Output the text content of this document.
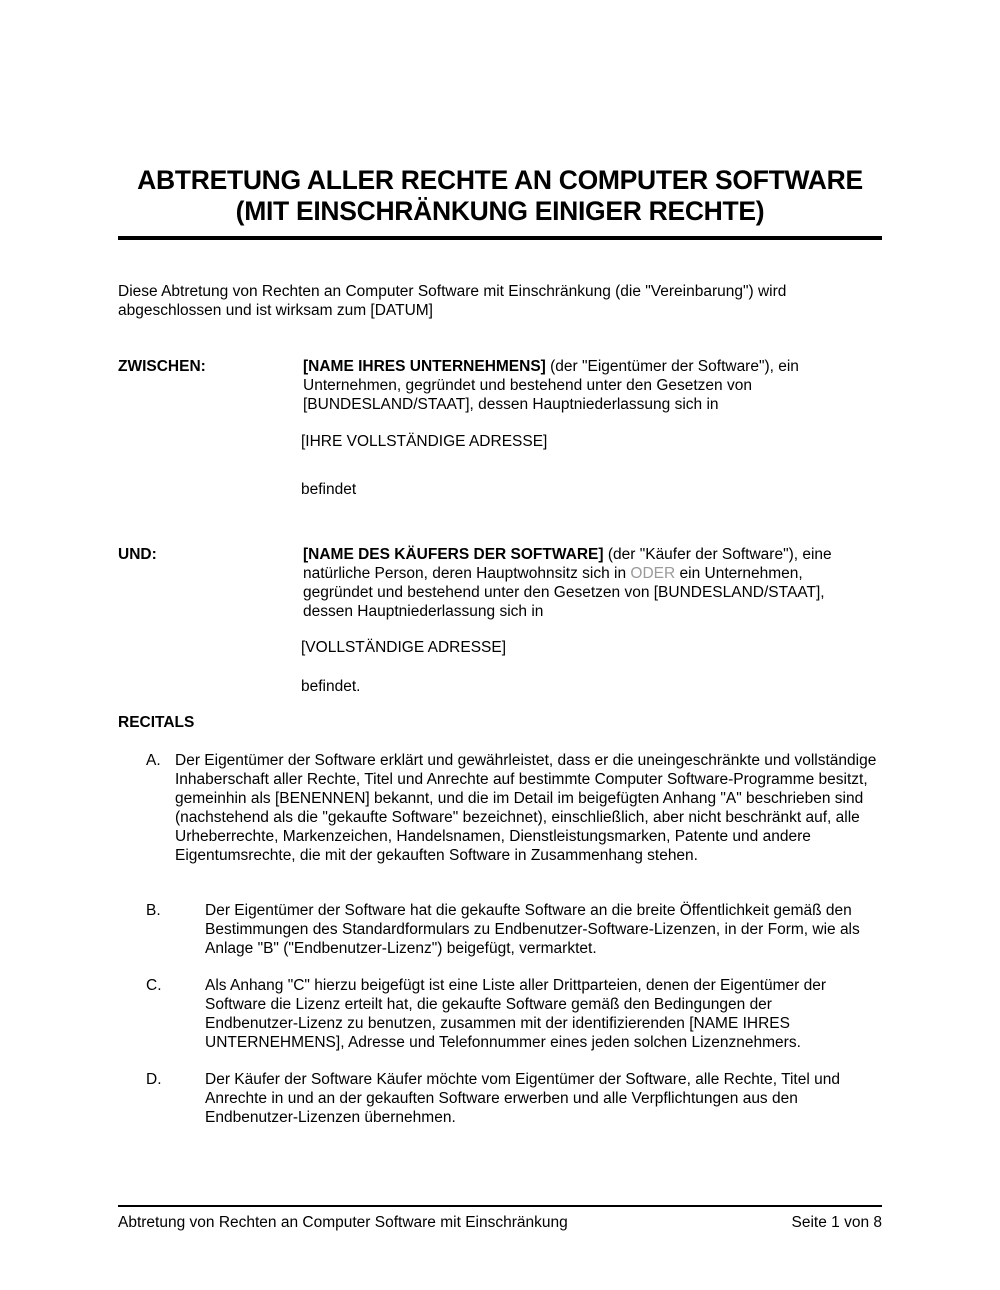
ABTRETUNG ALLER RECHTE AN COMPUTER SOFTWARE
(MIT EINSCHRÄNKUNG EINIGER RECHTE)
Diese Abtretung von Rechten an Computer Software mit Einschränkung (die "Vereinbarung") wird abgeschlossen und ist wirksam zum [DATUM]
ZWISCHEN:	[NAME IHRES UNTERNEHMENS] (der "Eigentümer der Software"), ein Unternehmen, gegründet und bestehend unter den Gesetzen von [BUNDESLAND/STAAT], dessen Hauptniederlassung sich in
[IHRE VOLLSTÄNDIGE ADRESSE]
befindet
UND:	[NAME DES KÄUFERS DER SOFTWARE] (der "Käufer der Software"), eine natürliche Person, deren Hauptwohnsitz sich in ODER ein Unternehmen, gegründet und bestehend unter den Gesetzen von [BUNDESLAND/STAAT], dessen Hauptniederlassung sich in
[VOLLSTÄNDIGE ADRESSE]
befindet.
RECITALS
A. Der Eigentümer der Software erklärt und gewährleistet, dass er die uneingeschränkte und vollständige Inhaberschaft aller Rechte, Titel und Anrechte auf bestimmte Computer Software-Programme besitzt, gemeinhin als [BENENNEN] bekannt, und die im Detail im beigefügten Anhang "A" beschrieben sind (nachstehend als die "gekaufte Software" bezeichnet), einschließlich, aber nicht beschränkt auf, alle Urheberrechte, Markenzeichen, Handelsnamen, Dienstleistungsmarken, Patente und andere Eigentumsrechte, die mit der gekauften Software in Zusammenhang stehen.
B.	Der Eigentümer der Software hat die gekaufte Software an die breite Öffentlichkeit gemäß den Bestimmungen des Standardformulars zu Endbenutzer-Software-Lizenzen, in der Form, wie als Anlage "B" ("Endbenutzer-Lizenz") beigefügt, vermarktet.
C.	Als Anhang "C" hierzu beigefügt ist eine Liste aller Drittparteien, denen der Eigentümer der Software die Lizenz erteilt hat, die gekaufte Software gemäß den Bedingungen der Endbenutzer-Lizenz zu benutzen, zusammen mit der identifizierenden [NAME IHRES UNTERNEHMENS], Adresse und Telefonnummer eines jeden solchen Lizenznehmers.
D.	Der Käufer der Software Käufer möchte vom Eigentümer der Software, alle Rechte, Titel und Anrechte in und an der gekauften Software erwerben und alle Verpflichtungen aus den Endbenutzer-Lizenzen übernehmen.
Abtretung von Rechten an Computer Software mit Einschränkung	Seite 1 von 8
